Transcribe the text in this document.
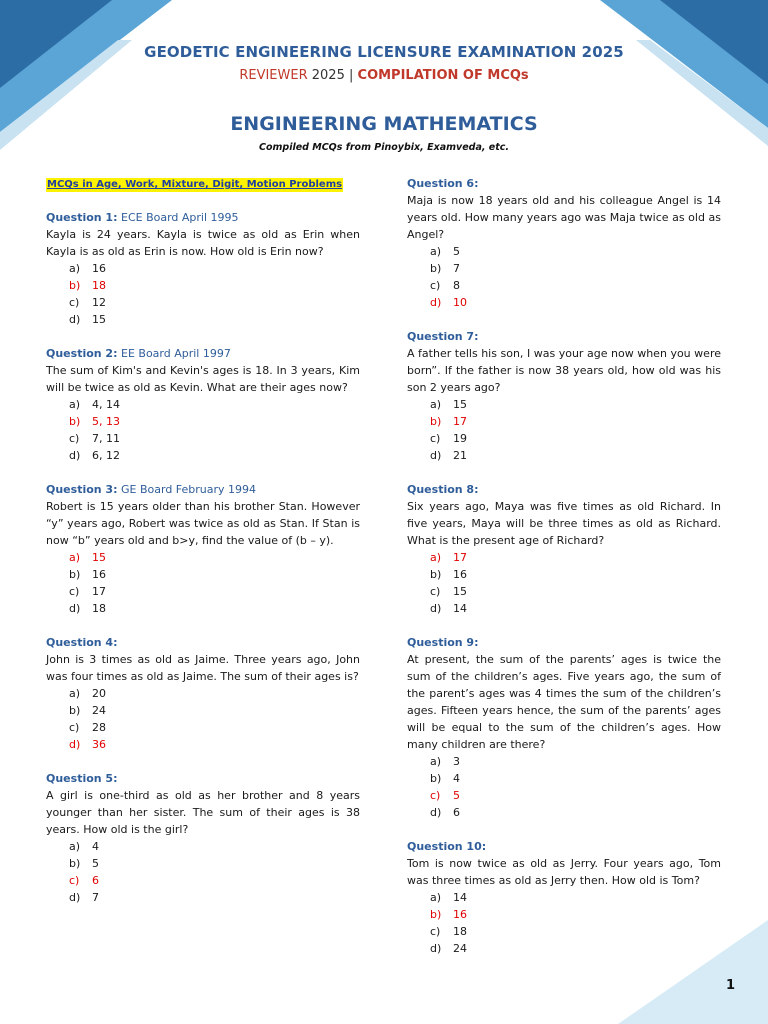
GEODETIC ENGINEERING LICENSURE EXAMINATION 2025
REVIEWER 2025 | COMPILATION OF MCQs
ENGINEERING MATHEMATICS
Compiled MCQs from Pinoybix, Examveda, etc.
MCQs in Age, Work, Mixture, Digit, Motion Problems
Question 1: ECE Board April 1995
Kayla is 24 years. Kayla is twice as old as Erin when Kayla is as old as Erin is now. How old is Erin now?
a) 16
b) 18
c) 12
d) 15
Question 2: EE Board April 1997
The sum of Kim's and Kevin's ages is 18. In 3 years, Kim will be twice as old as Kevin. What are their ages now?
a) 4, 14
b) 5, 13
c) 7, 11
d) 6, 12
Question 3: GE Board February 1994
Robert is 15 years older than his brother Stan. However “y” years ago, Robert was twice as old as Stan. If Stan is now “b” years old and b>y, find the value of (b – y).
a) 15
b) 16
c) 17
d) 18
Question 4:
John is 3 times as old as Jaime. Three years ago, John was four times as old as Jaime. The sum of their ages is?
a) 20
b) 24
c) 28
d) 36
Question 5:
A girl is one-third as old as her brother and 8 years younger than her sister. The sum of their ages is 38 years. How old is the girl?
a) 4
b) 5
c) 6
d) 7
Question 6:
Maja is now 18 years old and his colleague Angel is 14 years old. How many years ago was Maja twice as old as Angel?
a) 5
b) 7
c) 8
d) 10
Question 7:
A father tells his son, I was your age now when you were born”. If the father is now 38 years old, how old was his son 2 years ago?
a) 15
b) 17
c) 19
d) 21
Question 8:
Six years ago, Maya was five times as old Richard. In five years, Maya will be three times as old as Richard. What is the present age of Richard?
a) 17
b) 16
c) 15
d) 14
Question 9:
At present, the sum of the parents’ ages is twice the sum of the children’s ages. Five years ago, the sum of the parent’s ages was 4 times the sum of the children’s ages. Fifteen years hence, the sum of the parents’ ages will be equal to the sum of the children’s ages. How many children are there?
a) 3
b) 4
c) 5
d) 6
Question 10:
Tom is now twice as old as Jerry. Four years ago, Tom was three times as old as Jerry then. How old is Tom?
a) 14
b) 16
c) 18
d) 24
1
